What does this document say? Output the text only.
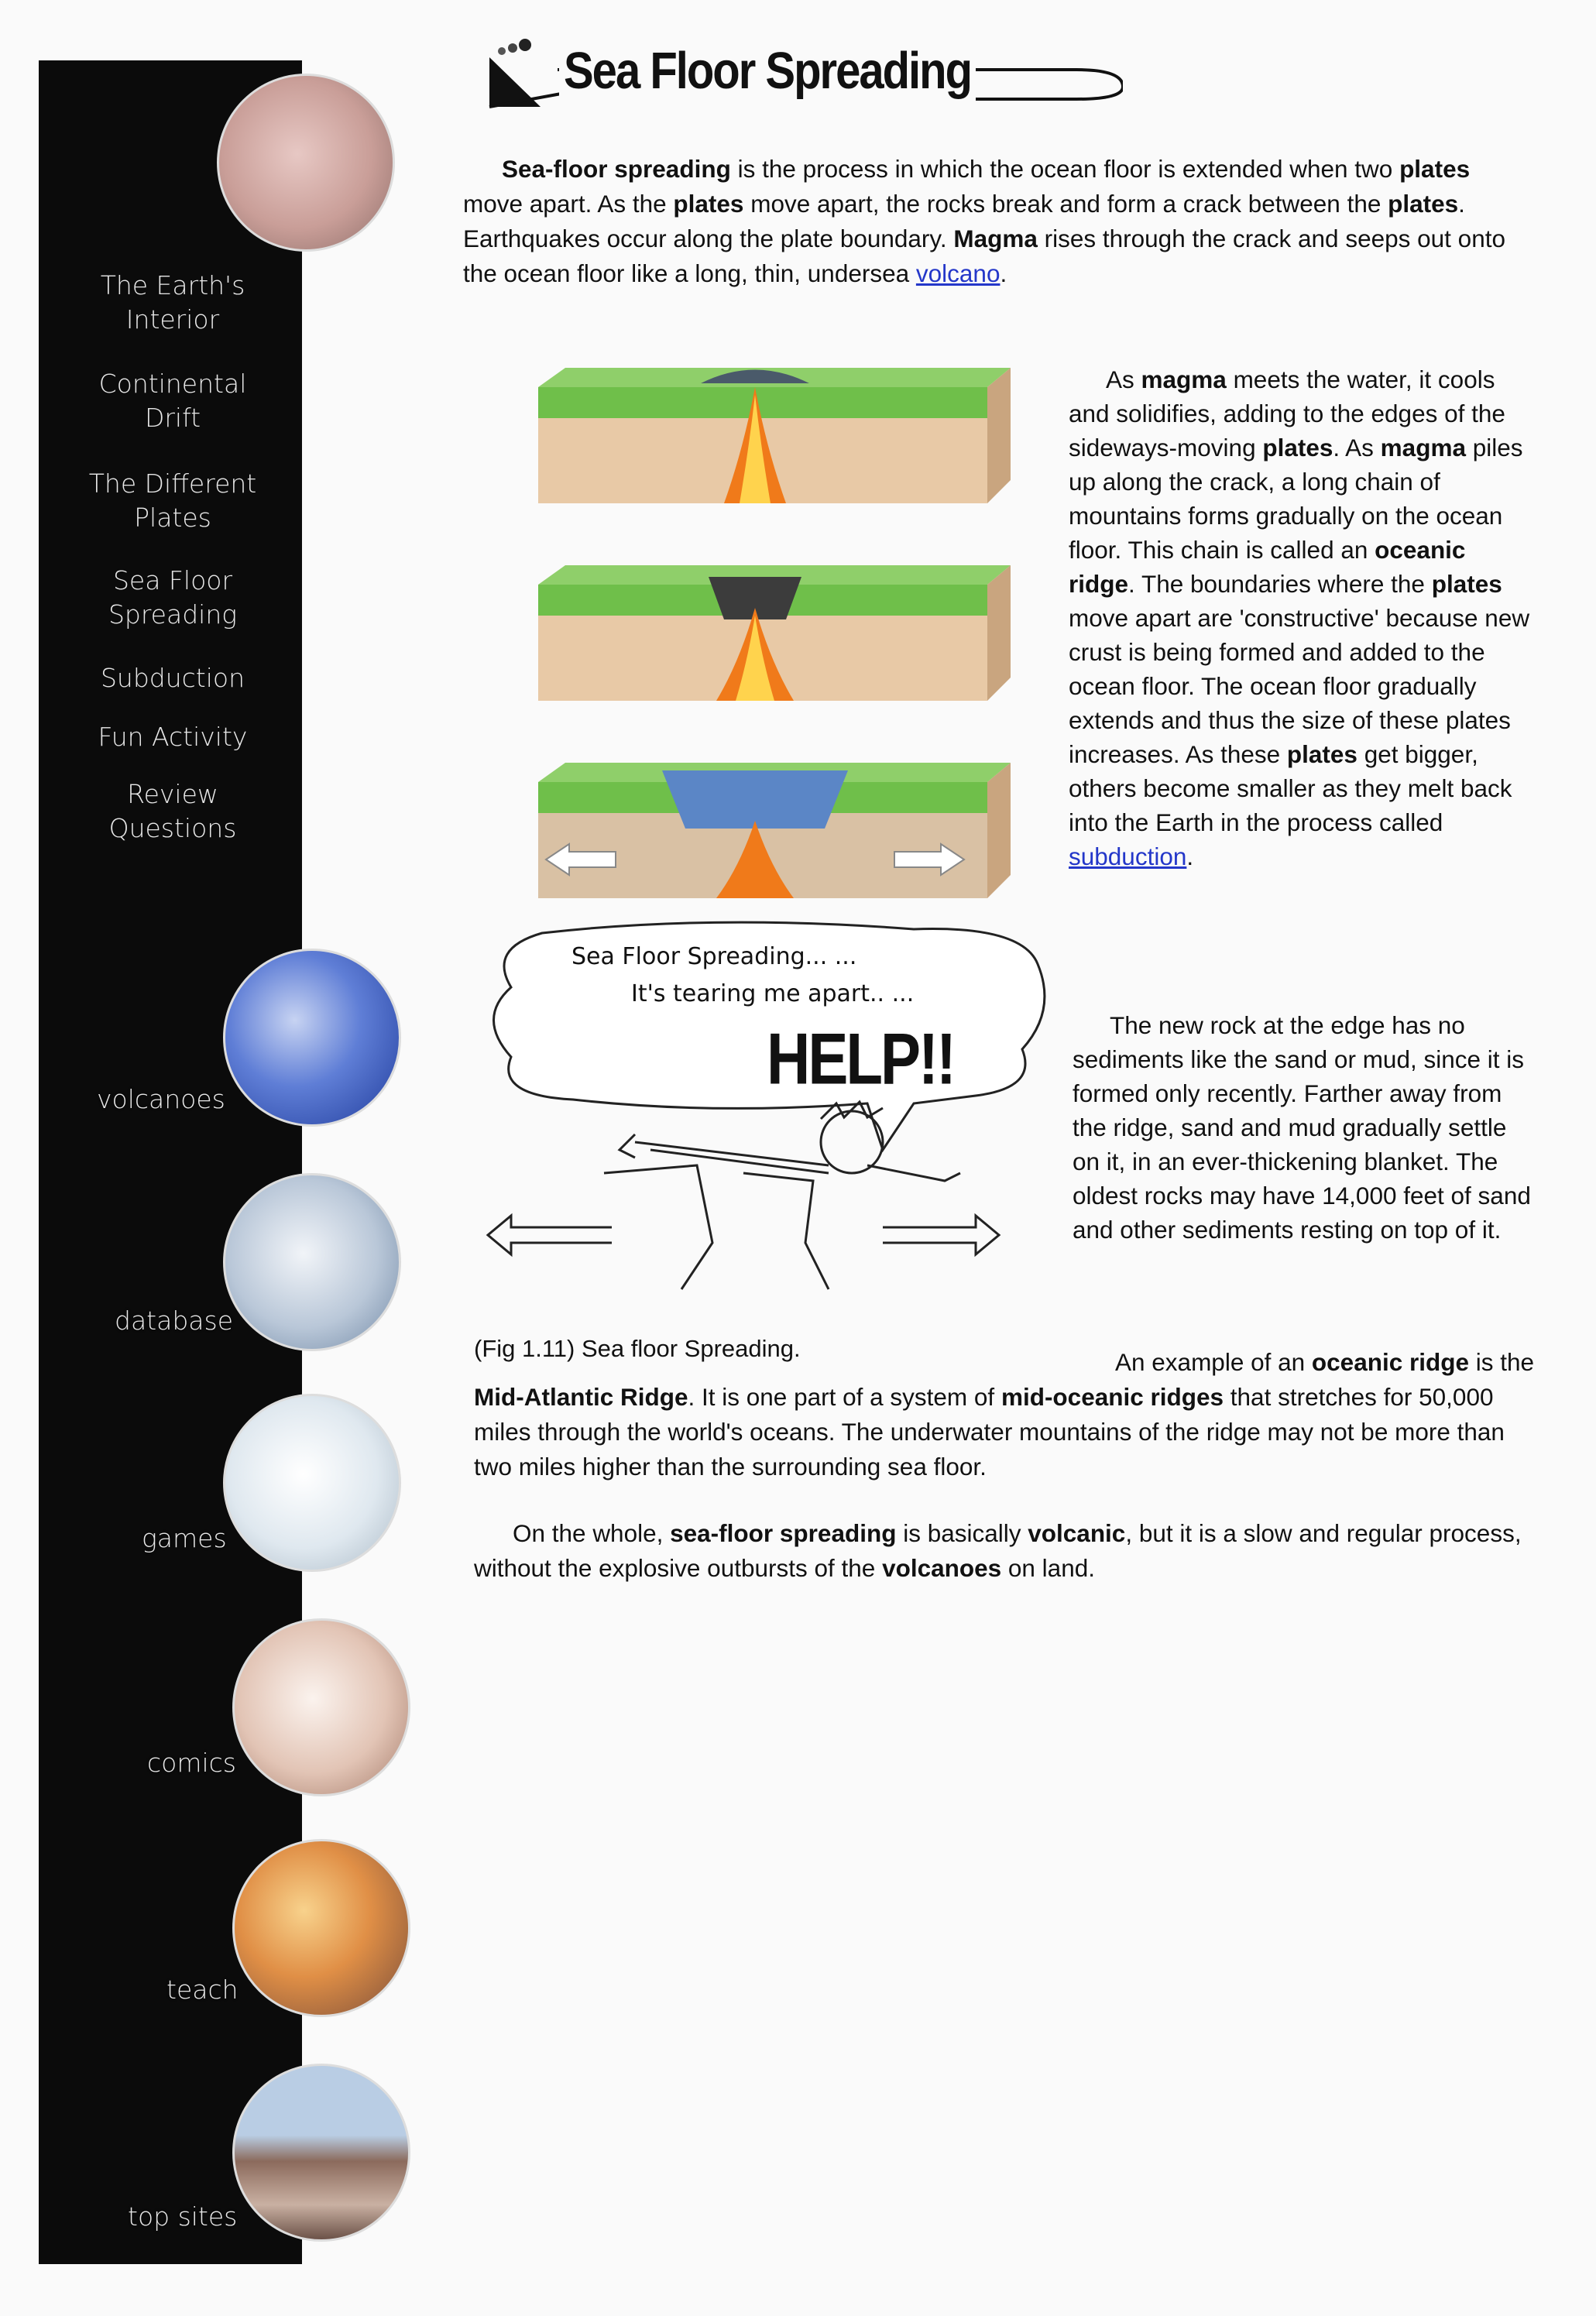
The Earth's
Interior
Continental
Drift
The Different
Plates
Sea Floor
Spreading
Subduction
Fun Activity
Review
Questions
volcanoes
database
games
comics
teach
top sites
Sea Floor Spreading

Sea-floor spreading is the process in which the ocean floor is extended when two plates move apart. As the plates move apart, the rocks break and form a crack between the plates. Earthquakes occur along the plate boundary. Magma rises through the crack and seeps out onto the ocean floor like a long, thin, undersea volcano.

Sea Floor Spreading... ...
It's tearing me apart.. ...
HELP!!

As magma meets the water, it cools and solidifies, adding to the edges of the sideways-moving plates. As magma piles up along the crack, a long chain of mountains forms gradually on the ocean floor. This chain is called an oceanic ridge. The boundaries where the plates move apart are 'constructive' because new crust is being formed and added to the ocean floor. The ocean floor gradually extends and thus the size of these plates increases. As these plates get bigger, others become smaller as they melt back into the Earth in the process called subduction.

The new rock at the edge has no sediments like the sand or mud, since it is formed only recently. Farther away from the ridge, sand and mud gradually settle on it, in an ever-thickening blanket. The oldest rocks may have 14,000 feet of sand and other sediments resting on top of it.

(Fig 1.11) Sea floor Spreading.	An example of an oceanic ridge is the Mid-Atlantic Ridge. It is one part of a system of mid-oceanic ridges that stretches for 50,000 miles through the world's oceans. The underwater mountains of the ridge may not be more than two miles higher than the surrounding sea floor.

On the whole, sea-floor spreading is basically volcanic, but it is a slow and regular process, without the explosive outbursts of the volcanoes on land.
